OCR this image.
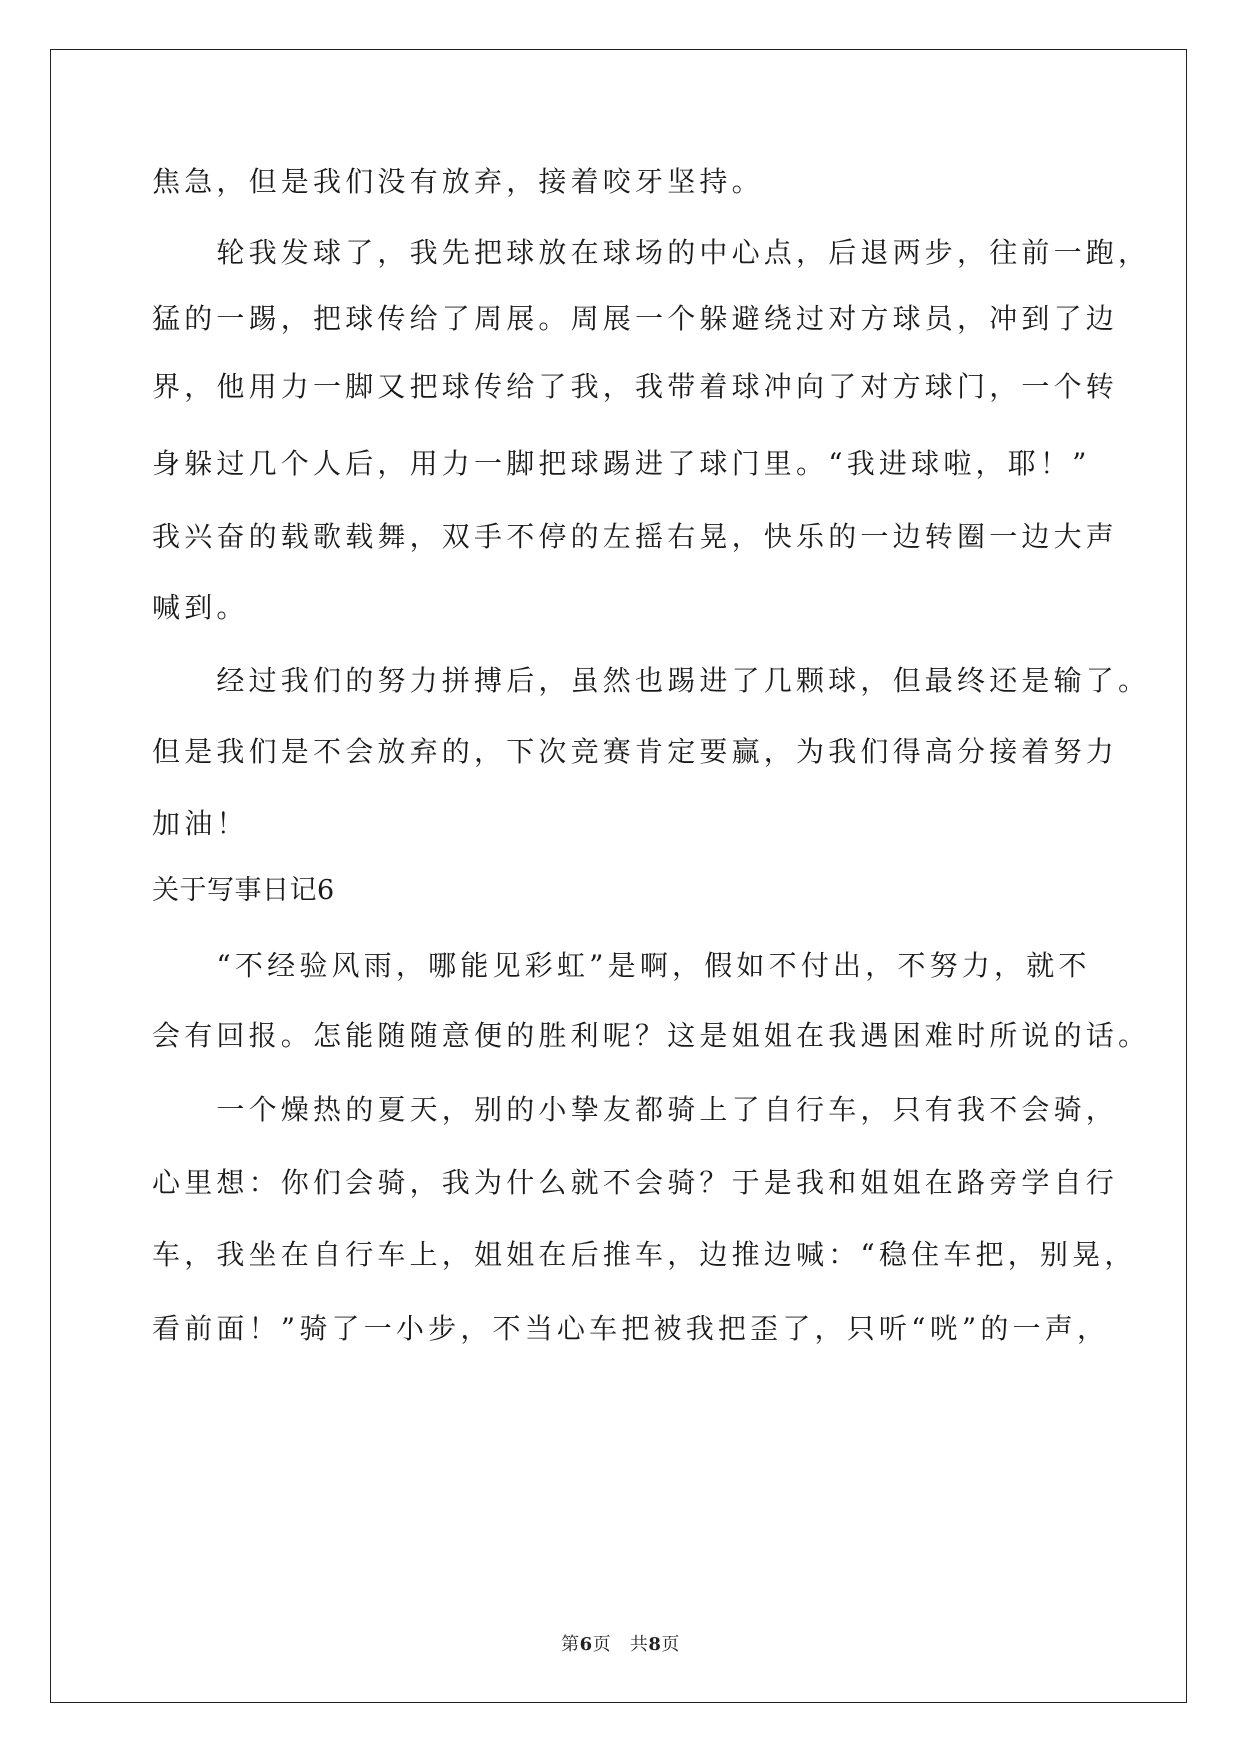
焦急，但是我们没有放弃，接着咬牙坚持。
　　轮我发球了，我先把球放在球场的中心点，后退两步，往前一跑，
猛的一踢，把球传给了周展。周展一个躲避绕过对方球员，冲到了边
界，他用力一脚又把球传给了我，我带着球冲向了对方球门，一个转
身躲过几个人后，用力一脚把球踢进了球门里。“我进球啦，耶！”
我兴奋的载歌载舞，双手不停的左摇右晃，快乐的一边转圈一边大声
喊到。
　　经过我们的努力拼搏后，虽然也踢进了几颗球，但最终还是输了。
但是我们是不会放弃的，下次竞赛肯定要赢，为我们得高分接着努力
加油！
关于写事日记6
　　“不经验风雨，哪能见彩虹”是啊，假如不付出，不努力，就不
会有回报。怎能随随意便的胜利呢？这是姐姐在我遇困难时所说的话。
　　一个燥热的夏天，别的小挚友都骑上了自行车，只有我不会骑，
心里想：你们会骑，我为什么就不会骑？于是我和姐姐在路旁学自行
车，我坐在自行车上，姐姐在后推车，边推边喊：“稳住车把，别晃，
看前面！”骑了一小步，不当心车把被我把歪了，只听“咣”的一声，
第6页 共8页
